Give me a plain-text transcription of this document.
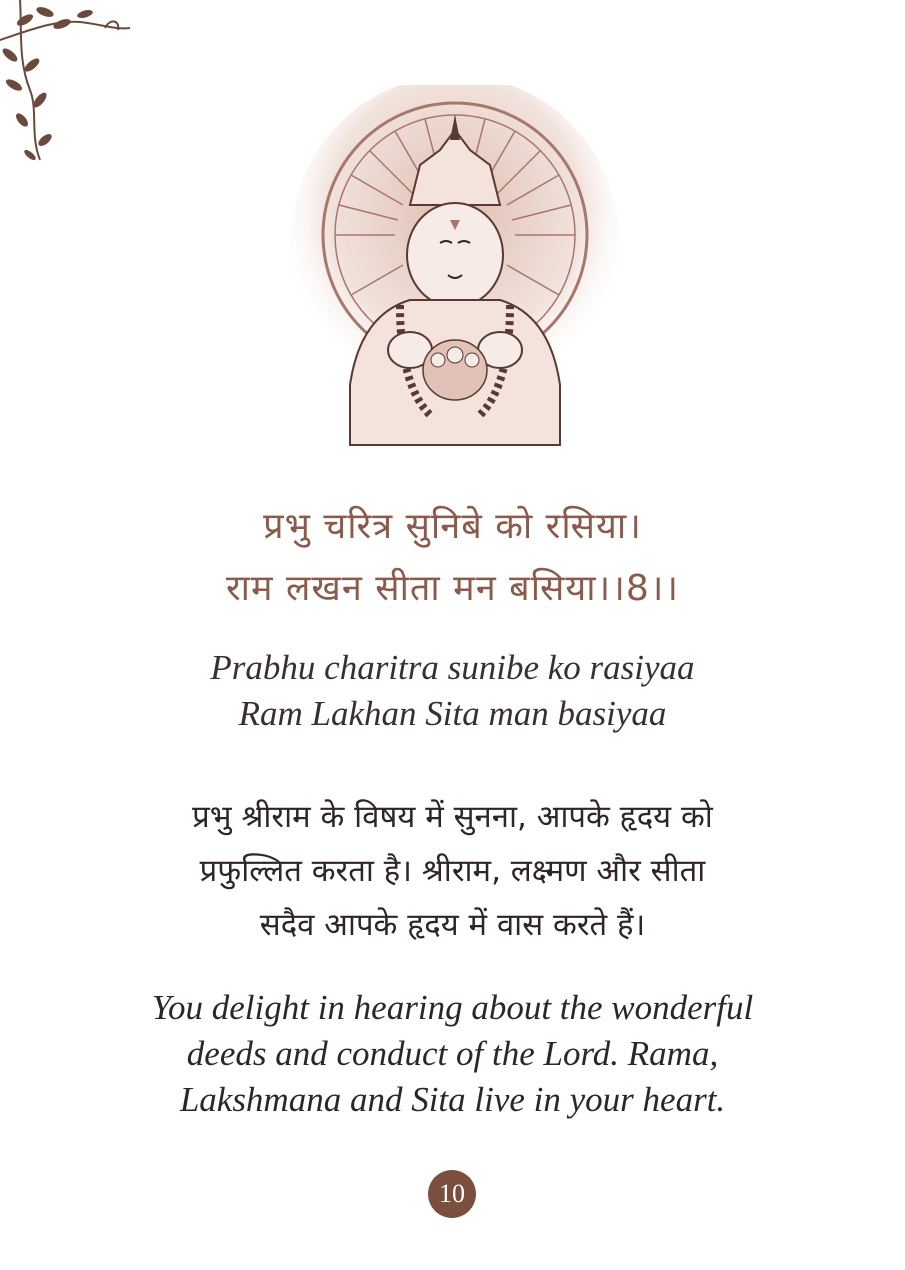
प्रभु चरित्र सुनिबे को रसिया।
राम लखन सीता मन बसिया।।8।।
Prabhu charitra sunibe ko rasiyaa
Ram Lakhan Sita man basiyaa
प्रभु श्रीराम के विषय में सुनना, आपके हृदय को
प्रफुल्लित करता है। श्रीराम, लक्ष्मण और सीता
सदैव आपके हृदय में वास करते हैं।
You delight in hearing about the wonderful
deeds and conduct of the Lord. Rama,
Lakshmana and Sita live in your heart.
10
